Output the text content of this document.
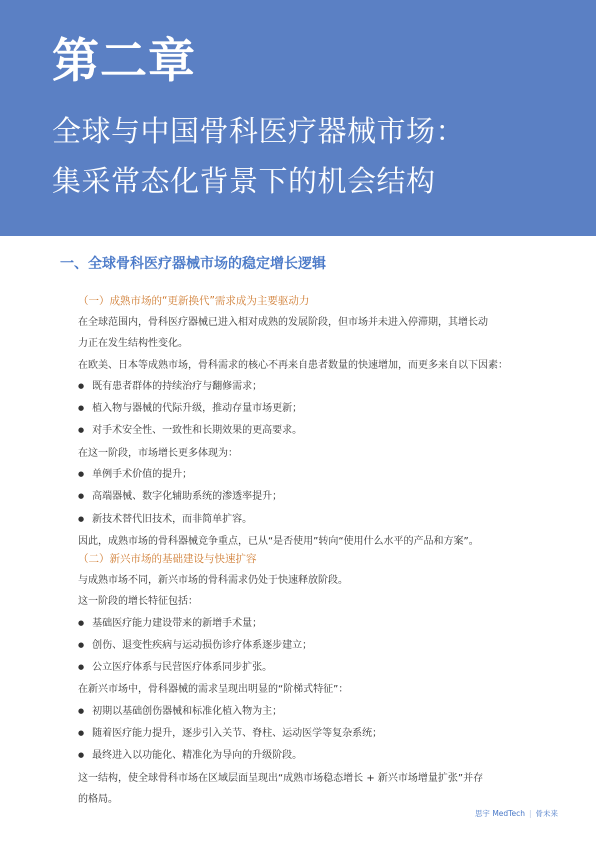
第二章
全球与中国骨科医疗器械市场：
集采常态化背景下的机会结构
一、全球骨科医疗器械市场的稳定增长逻辑
（一）成熟市场的“更新换代”需求成为主要驱动力
在全球范围内，骨科医疗器械已进入相对成熟的发展阶段，但市场并未进入停滞期，其增长动
力正在发生结构性变化。
在欧美、日本等成熟市场，骨科需求的核心不再来自患者数量的快速增加，而更多来自以下因素：
● 既有患者群体的持续治疗与翻修需求；
● 植入物与器械的代际升级，推动存量市场更新；
● 对手术安全性、一致性和长期效果的更高要求。
在这一阶段，市场增长更多体现为：
● 单例手术价值的提升；
● 高端器械、数字化辅助系统的渗透率提升；
● 新技术替代旧技术，而非简单扩容。
因此，成熟市场的骨科器械竞争重点，已从“是否使用”转向“使用什么水平的产品和方案”。
（二）新兴市场的基础建设与快速扩容
与成熟市场不同，新兴市场的骨科需求仍处于快速释放阶段。
这一阶段的增长特征包括：
● 基础医疗能力建设带来的新增手术量；
● 创伤、退变性疾病与运动损伤诊疗体系逐步建立；
● 公立医疗体系与民营医疗体系同步扩张。
在新兴市场中，骨科器械的需求呈现出明显的“阶梯式特征”：
● 初期以基础创伤器械和标准化植入物为主；
● 随着医疗能力提升，逐步引入关节、脊柱、运动医学等复杂系统；
● 最终进入以功能化、精准化为导向的升级阶段。
这一结构，使全球骨科市场在区域层面呈现出“成熟市场稳态增长 + 新兴市场增量扩张”并存
的格局。
思宇 MedTech | 骨未来
